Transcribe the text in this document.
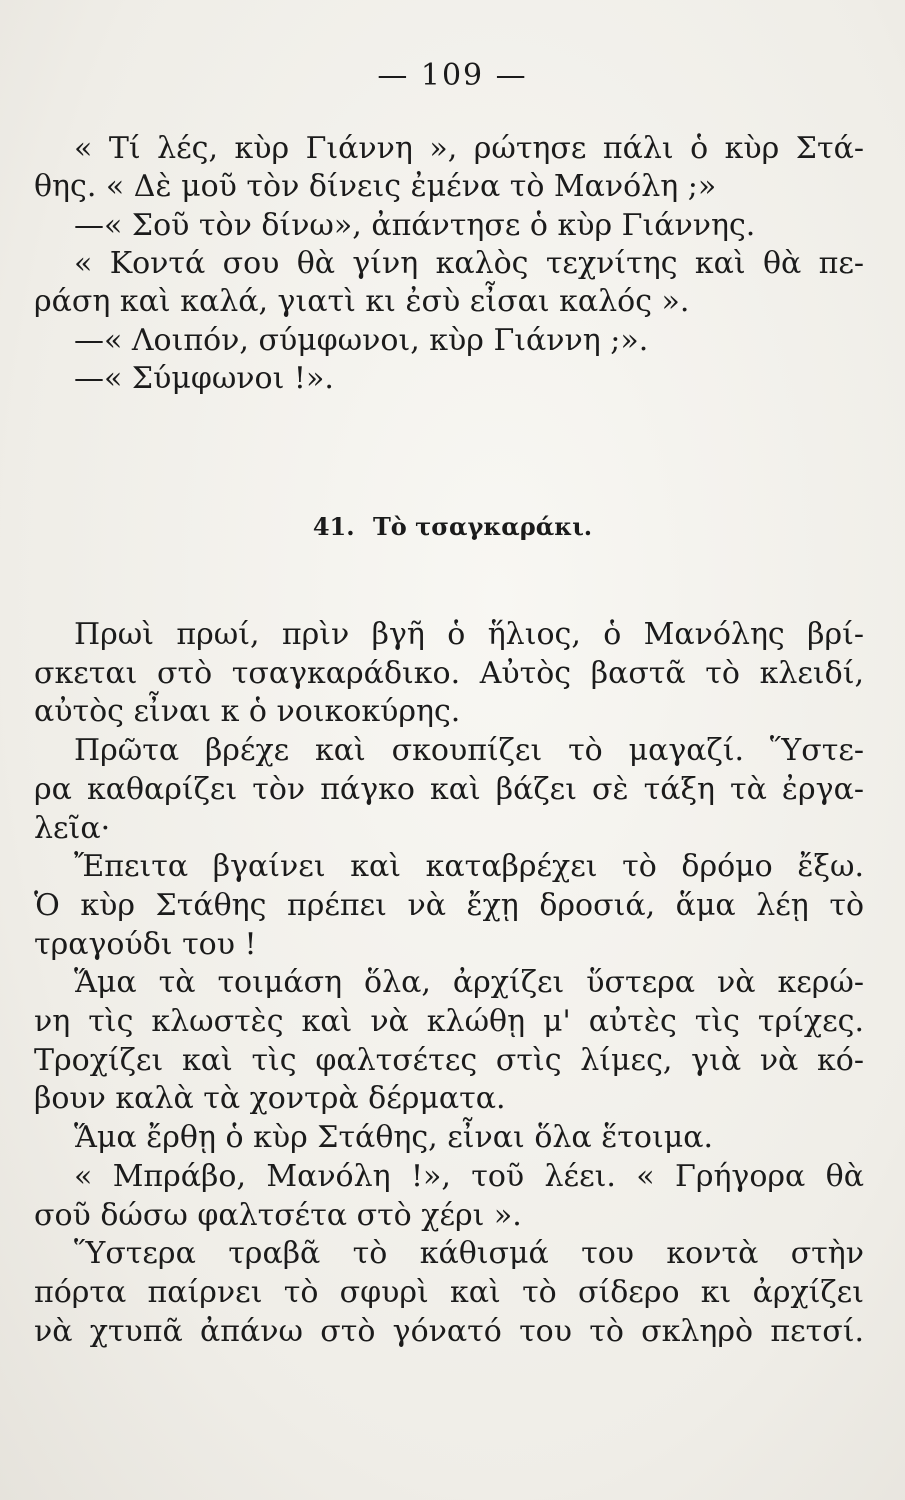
— 109 —
« Τί λές, κὺρ Γιάννη », ρώτησε πάλι ὁ κὺρ Στά-
θης. « Δὲ μοῦ τὸν δίνεις ἐμένα τὸ Μανόλη ;»
—« Σοῦ τὸν δίνω», ἀπάντησε ὁ κὺρ Γιάννης.
« Κοντά σου θὰ γίνη καλὸς τεχνίτης καὶ θὰ πε-
ράση καὶ καλά, γιατὶ κι ἐσὺ εἶσαι καλός ».
—« Λοιπόν, σύμφωνοι, κὺρ Γιάννη ;».
—« Σύμφωνοι !».
41. Τὸ τσαγκαράκι.
Πρωὶ πρωί, πρὶν βγῆ ὁ ἥλιος, ὁ Μανόλης βρί-
σκεται στὸ τσαγκαράδικο. Αὐτὸς βαστᾶ τὸ κλειδί,
αὐτὸς εἶναι κ ὁ νοικοκύρης.
Πρῶτα βρέχε καὶ σκουπίζει τὸ μαγαζί. Ὕστε-
ρα καθαρίζει τὸν πάγκο καὶ βάζει σὲ τάξη τὰ ἐργα-
λεῖα·
Ἔπειτα βγαίνει καὶ καταβρέχει τὸ δρόμο ἔξω.
Ὁ κὺρ Στάθης πρέπει νὰ ἔχῃ δροσιά, ἅμα λέῃ τὸ
τραγούδι του !
Ἅμα τὰ τοιμάση ὅλα, ἀρχίζει ὕστερα νὰ κερώ-
νη τὶς κλωστὲς καὶ νὰ κλώθῃ μ' αὐτὲς τὶς τρίχες.
Τροχίζει καὶ τὶς φαλτσέτες στὶς λίμες, γιὰ νὰ κό-
βουν καλὰ τὰ χοντρὰ δέρματα.
Ἅμα ἔρθῃ ὁ κὺρ Στάθης, εἶναι ὅλα ἕτοιμα.
« Μπράβο, Μανόλη !», τοῦ λέει. « Γρήγορα θὰ
σοῦ δώσω φαλτσέτα στὸ χέρι ».
Ὕστερα τραβᾶ τὸ κάθισμά του κοντὰ στὴν
πόρτα παίρνει τὸ σφυρὶ καὶ τὸ σίδερο κι ἀρχίζει
νὰ χτυπᾶ ἀπάνω στὸ γόνατό του τὸ σκληρὸ πετσί.
